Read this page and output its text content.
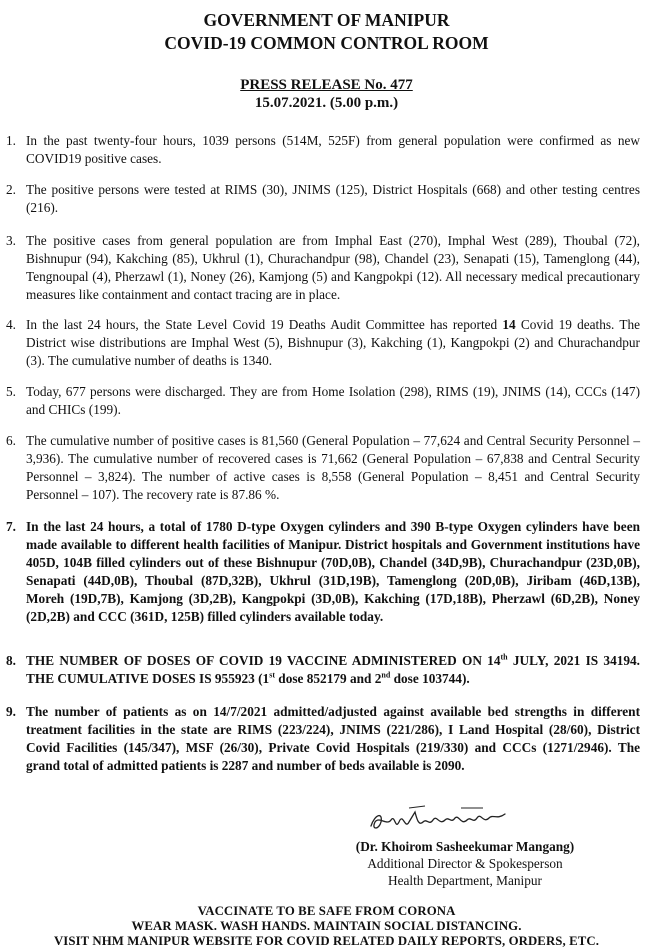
GOVERNMENT OF MANIPUR
COVID-19 COMMON CONTROL ROOM
PRESS RELEASE No. 477
15.07.2021. (5.00 p.m.)
1. In the past twenty-four hours, 1039 persons (514M, 525F) from general population were confirmed as new COVID19 positive cases.
2. The positive persons were tested at RIMS (30), JNIMS (125), District Hospitals (668) and other testing centres (216).
3. The positive cases from general population are from Imphal East (270), Imphal West (289), Thoubal (72), Bishnupur (94), Kakching (85), Ukhrul (1), Churachandpur (98), Chandel (23), Senapati (15), Tamenglong (44), Tengnoupal (4), Pherzawl (1), Noney (26), Kamjong (5) and Kangpokpi (12). All necessary medical precautionary measures like containment and contact tracing are in place.
4. In the last 24 hours, the State Level Covid 19 Deaths Audit Committee has reported 14 Covid 19 deaths. The District wise distributions are Imphal West (5), Bishnupur (3), Kakching (1), Kangpokpi (2) and Churachandpur (3). The cumulative number of deaths is 1340.
5. Today, 677 persons were discharged. They are from Home Isolation (298), RIMS (19), JNIMS (14), CCCs (147) and CHICs (199).
6. The cumulative number of positive cases is 81,560 (General Population – 77,624 and Central Security Personnel – 3,936). The cumulative number of recovered cases is 71,662 (General Population – 67,838 and Central Security Personnel – 3,824). The number of active cases is 8,558 (General Population – 8,451 and Central Security Personnel – 107). The recovery rate is 87.86 %.
7. In the last 24 hours, a total of 1780 D-type Oxygen cylinders and 390 B-type Oxygen cylinders have been made available to different health facilities of Manipur. District hospitals and Government institutions have 405D, 104B filled cylinders out of these Bishnupur (70D,0B), Chandel (34D,9B), Churachandpur (23D,0B), Senapati (44D,0B), Thoubal (87D,32B), Ukhrul (31D,19B), Tamenglong (20D,0B), Jiribam (46D,13B), Moreh (19D,7B), Kamjong (3D,2B), Kangpokpi (3D,0B), Kakching (17D,18B), Pherzawl (6D,2B), Noney (2D,2B) and CCC (361D, 125B) filled cylinders available today.
8. THE NUMBER OF DOSES OF COVID 19 VACCINE ADMINISTERED ON 14th JULY, 2021 IS 34194. THE CUMULATIVE DOSES IS 955923 (1st dose 852179 and 2nd dose 103744).
9. The number of patients as on 14/7/2021 admitted/adjusted against available bed strengths in different treatment facilities in the state are RIMS (223/224), JNIMS (221/286), I Land Hospital (28/60), District Covid Facilities (145/347), MSF (26/30), Private Covid Hospitals (219/330) and CCCs (1271/2946). The grand total of admitted patients is 2287 and number of beds available is 2090.
(Dr. Khoirom Sasheekumar Mangang)
Additional Director & Spokesperson
Health Department, Manipur
VACCINATE TO BE SAFE FROM CORONA
WEAR MASK. WASH HANDS. MAINTAIN SOCIAL DISTANCING.
VISIT NHM MANIPUR WEBSITE FOR COVID RELATED DAILY REPORTS, ORDERS, ETC.
